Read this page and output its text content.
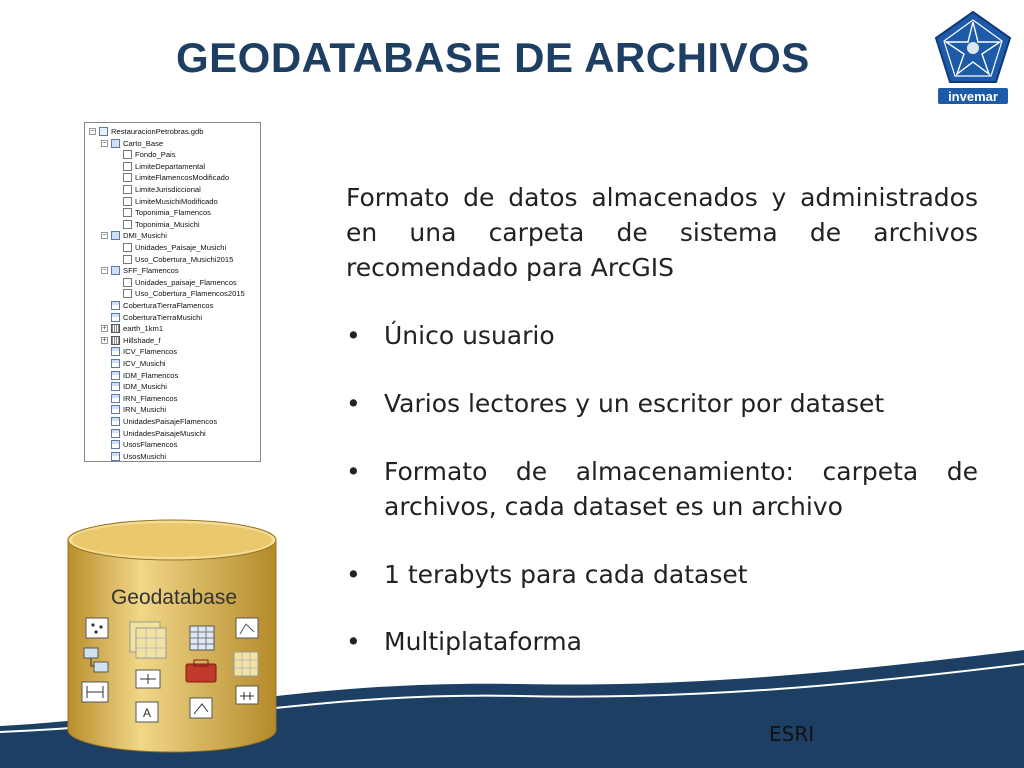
GEODATABASE DE ARCHIVOS
invemar
− RestauracionPetrobras.gdb
− Carto_Base
Fondo_Pais
LimiteDepartamental
LimiteFlamencosModificado
LimiteJurisdiccional
LimiteMusichiModificado
Toponimia_Flamencos
Toponimia_Musichi
− DMI_Musichi
Unidades_Paisaje_Musichi
Uso_Cobertura_Musichi2015
− SFF_Flamencos
Unidades_paisaje_Flamencos
Uso_Cobertura_Flamencos2015
CoberturaTierraFlamencos
CoberturaTierraMusichi
+ earth_1km1
+ Hillshade_f
ICV_Flamencos
ICV_Musichi
IDM_Flamencos
IDM_Musichi
IRN_Flamencos
IRN_Musichi
UnidadesPaisajeFlamencos
UnidadesPaisajeMusichi
UsosFlamencos
UsosMusichi

Formato de datos almacenados y administrados en una carpeta de sistema de archivos recomendado para ArcGIS

• Único usuario
• Varios lectores y un escritor por dataset
• Formato de almacenamiento: carpeta de archivos, cada dataset es un archivo
• 1 terabyts para cada dataset
• Multiplataforma
Geodatabase
A
ESRI
